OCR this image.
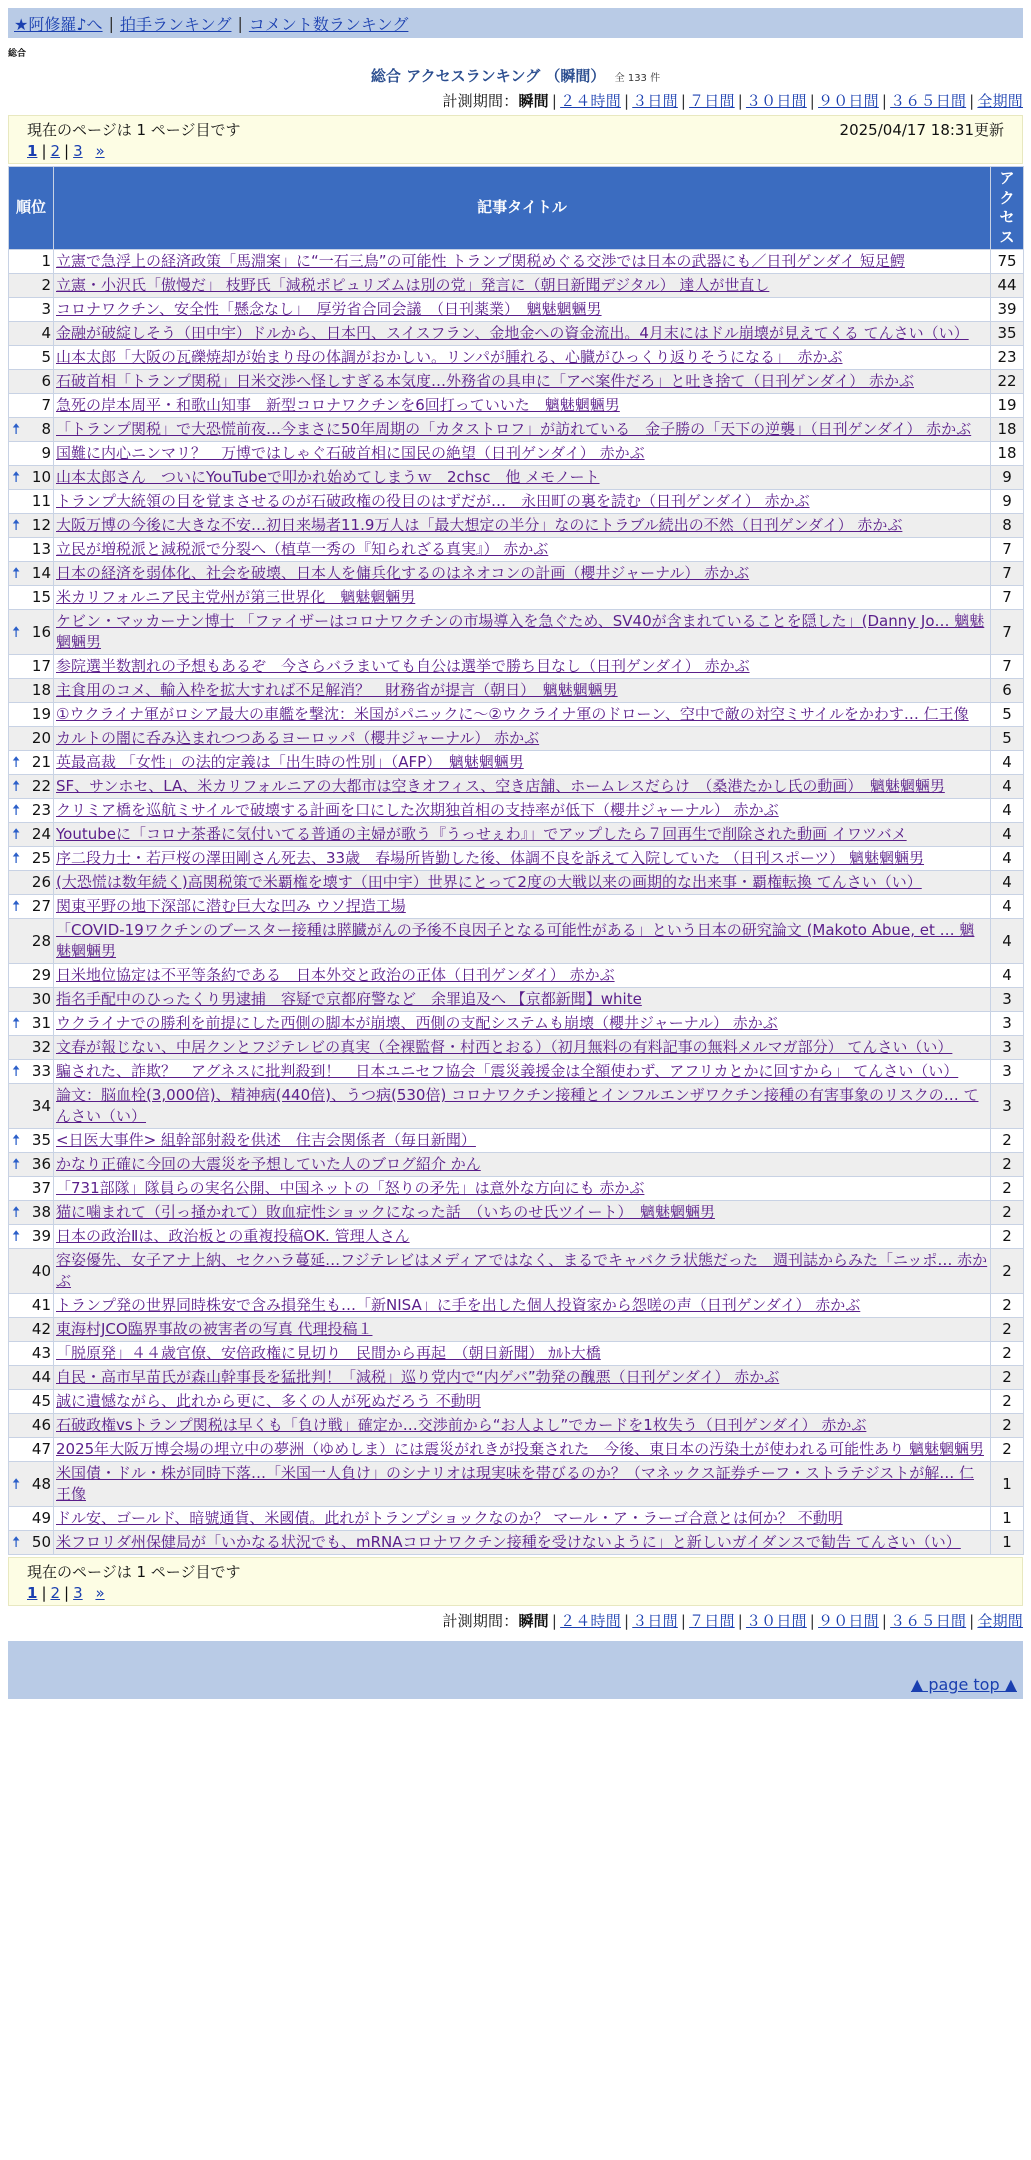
★阿修羅♪へ | 拍手ランキング | コメント数ランキング
総合
総合 アクセスランキング （瞬間） 全 133 件
計測期間：瞬間 | ２４時間 | ３日間 | ７日間 | ３０日間 | ９０日間 | ３６５日間 | 全期間
現在のページは 1 ページ目です	2025/04/17 18:31更新
1 | 2 | 3 »
順位	記事タイトル	アクセス
1	立憲で急浮上の経済政策「馬淵案」に“一石三鳥”の可能性 トランプ関税めぐる交渉では日本の武器にも／日刊ゲンダイ 短足鰐	75
2	立憲・小沢氏「傲慢だ」 枝野氏「減税ポピュリズムは別の党」発言に（朝日新聞デジタル） 達人が世直し	44
3	コロナワクチン、安全性「懸念なし」　厚労省合同会議　（日刊薬業）　魑魅魍魎男	39
4	金融が破綻しそう（田中宇）ドルから、日本円、スイスフラン、金地金への資金流出。4月末にはドル崩壊が見えてくる てんさい（い）	35
5	山本太郎「大阪の瓦礫焼却が始まり母の体調がおかしい。リンパが腫れる、心臓がひっくり返りそうになる」　赤かぶ	23
6	石破首相「トランプ関税」日米交渉へ怪しすぎる本気度…外務省の具申に「アベ案件だろ」と吐き捨て（日刊ゲンダイ） 赤かぶ	22
7	急死の岸本周平・和歌山知事　新型コロナワクチンを6回打っていいた　魑魅魍魎男	19

🠅 8	「トランプ関税」で大恐慌前夜…今まさに50年周期の「カタストロフ」が訪れている　金子勝の「天下の逆襲」（日刊ゲンダイ） 赤かぶ	18
9	国難に内心ニンマリ？　万博ではしゃぐ石破首相に国民の絶望（日刊ゲンダイ） 赤かぶ	18

🠅 10	山本太郎さん　ついにYouTubeで叩かれ始めてしまうｗ　2chsc　他 メモノート	9
11	トランプ大統領の目を覚まさせるのが石破政権の役目のはずだが…　永田町の裏を読む（日刊ゲンダイ） 赤かぶ	9

🠅 12	大阪万博の今後に大きな不安…初日来場者11.9万人は「最大想定の半分」なのにトラブル続出の不然（日刊ゲンダイ） 赤かぶ	8
13	立民が増税派と減税派で分裂へ（植草一秀の『知られざる真実』） 赤かぶ	7

🠅 14	日本の経済を弱体化、社会を破壊、日本人を傭兵化するのはネオコンの計画（櫻井ジャーナル） 赤かぶ	7
15	米カリフォルニア民主党州が第三世界化　魑魅魍魎男	7

🠅 16	ケビン・マッカーナン博士 「ファイザーはコロナワクチンの市場導入を急ぐため、SV40が含まれていることを隠した」(Danny Jo… 魑魅魍魎男	7
17	参院選半数割れの予想もあるぞ　今さらバラまいても自公は選挙で勝ち目なし（日刊ゲンダイ） 赤かぶ	7
18	主食用のコメ、輸入枠を拡大すれば不足解消？　財務省が提言（朝日）　魑魅魍魎男	6
19	①ウクライナ軍がロシア最大の車艦を撃沈：米国がパニックに～②ウクライナ軍のドローン、空中で敵の対空ミサイルをかわす… 仁王像	5
20	カルトの闇に呑み込まれつつあるヨーロッパ（櫻井ジャーナル） 赤かぶ	5

🠅 21	英最高裁 「女性」の法的定義は「出生時の性別」（AFP）　魑魅魍魎男	4

🠅 22	SF、サンホセ、LA、米カリフォルニアの大都市は空きオフィス、空き店舗、ホームレスだらけ　（桑港たかし氏の動画）　魑魅魍魎男	4

🠅 23	クリミア橋を巡航ミサイルで破壊する計画を口にした次期独首相の支持率が低下（櫻井ジャーナル） 赤かぶ	4

🠅 24	Youtubeに「コロナ茶番に気付いてる普通の主婦が歌う『うっせぇわ』」でアップしたら７回再生で削除された動画 イワツバメ	4

🠅 25	序二段力士・若戸桜の澤田剛さん死去、33歳　春場所皆勤した後、体調不良を訴えて入院していた （日刊スポーツ） 魑魅魍魎男	4
26	(大恐慌は数年続く)高関税策で米覇権を壊す（田中宇）世界にとって2度の大戦以来の画期的な出来事・覇権転換 てんさい（い）	4

🠅 27	関東平野の地下深部に潜む巨大な凹み ウソ捏造工場	4
28	「COVID-19ワクチンのブースター接種は膵臓がんの予後不良因子となる可能性がある」という日本の研究論文 (Makoto Abue, et … 魑魅魍魎男	4
29	日米地位協定は不平等条約である　日本外交と政治の正体（日刊ゲンダイ） 赤かぶ	4
30	指名手配中のひったくり男逮捕　容疑で京都府警など　余罪追及へ 【京都新聞】white	3

🠅 31	ウクライナでの勝利を前提にした西側の脚本が崩壊、西側の支配システムも崩壊（櫻井ジャーナル） 赤かぶ	3
32	文春が報じない、中居クンとフジテレビの真実（全裸監督・村西とおる）（初月無料の有料記事の無料メルマガ部分） てんさい（い）	3

🠅 33	騙された、詐欺？　アグネスに批判殺到！　日本ユニセフ協会「震災義援金は全額使わず、アフリカとかに回すから」 てんさい（い）	3
34	論文：脳血栓(3,000倍)、精神病(440倍)、うつ病(530倍) コロナワクチン接種とインフルエンザワクチン接種の有害事象のリスクの… てんさい（い）	3

🠅 35	<日医大事件> 組幹部射殺を供述　住吉会関係者（毎日新聞）	2

🠅 36	かなり正確に今回の大震災を予想していた人のブログ紹介 かん	2
37	「731部隊」隊員らの実名公開、中国ネットの「怒りの矛先」は意外な方向にも 赤かぶ	2

🠅 38	猫に噛まれて（引っ掻かれて）敗血症性ショックになった話　（いちのせ氏ツイート）　魑魅魍魎男	2

🠅 39	日本の政治Ⅱは、政治板との重複投稿OK. 管理人さん	2
40	容姿優先、女子アナ上納、セクハラ蔓延…フジテレビはメディアではなく、まるでキャバクラ状態だった　週刊誌からみた「ニッポ… 赤かぶ	2
41	トランプ発の世界同時株安で含み損発生も…「新NISA」に手を出した個人投資家から怨嗟の声（日刊ゲンダイ） 赤かぶ	2
42	東海村JCO臨界事故の被害者の写真 代理投稿１	2
43	「脱原発」４４歳官僚、安倍政権に見切り　民間から再起　（朝日新聞） ｶﾙﾄ大橋	2
44	自民・高市早苗氏が森山幹事長を猛批判！「減税」巡り党内で“内ゲバ”勃発の醜悪（日刊ゲンダイ） 赤かぶ	2
45	誠に遺憾ながら、此れから更に、多くの人が死ぬだろう 不動明	2
46	石破政権vsトランプ関税は早くも「負け戦」確定か…交渉前から“お人よし”でカードを1枚失う（日刊ゲンダイ） 赤かぶ	2
47	2025年大阪万博会場の埋立中の夢洲（ゆめしま）には震災がれきが投棄された　今後、東日本の汚染土が使われる可能性あり 魑魅魍魎男	2

🠅 48	米国債・ドル・株が同時下落…「米国一人負け」のシナリオは現実味を帯びるのか？（マネックス証券チーフ・ストラテジストが解… 仁王像	1
49	ドル安、ゴールド、暗號通貨、米國債。此れがトランプショックなのか？ マール・ア・ラーゴ合意とは何か？ 不動明	1

🠅 50	米フロリダ州保健局が「いかなる状況でも、mRNAコロナワクチン接種を受けないように」と新しいガイダンスで勧告 てんさい（い）	1
現在のページは 1 ページ目です
1 | 2 | 3 »
計測期間：瞬間 | ２４時間 | ３日間 | ７日間 | ３０日間 | ９０日間 | ３６５日間 | 全期間
▲ page top ▲
